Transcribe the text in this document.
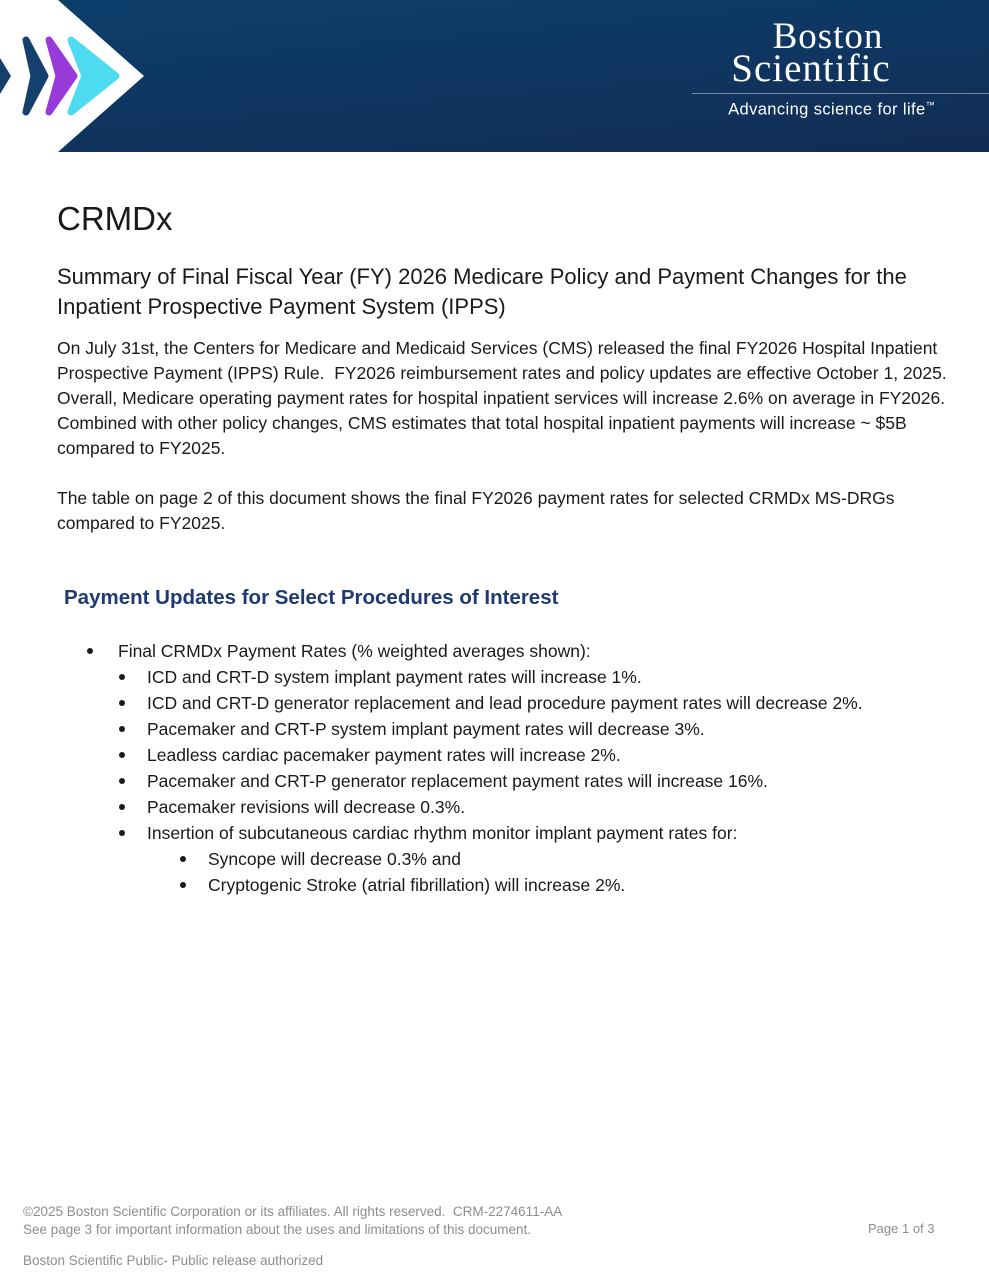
Boston
Scientific
Advancing science for life™
CRMDx
Summary of Final Fiscal Year (FY) 2026 Medicare Policy and Payment Changes for the Inpatient Prospective Payment System (IPPS)
On July 31st, the Centers for Medicare and Medicaid Services (CMS) released the final FY2026 Hospital Inpatient Prospective Payment (IPPS) Rule.  FY2026 reimbursement rates and policy updates are effective October 1, 2025. Overall, Medicare operating payment rates for hospital inpatient services will increase 2.6% on average in FY2026. Combined with other policy changes, CMS estimates that total hospital inpatient payments will increase ~ $5B compared to FY2025.
The table on page 2 of this document shows the final FY2026 payment rates for selected CRMDx MS-DRGs compared to FY2025.
Payment Updates for Select Procedures of Interest
Final CRMDx Payment Rates (% weighted averages shown):
ICD and CRT-D system implant payment rates will increase 1%.
ICD and CRT-D generator replacement and lead procedure payment rates will decrease 2%.
Pacemaker and CRT-P system implant payment rates will decrease 3%.
Leadless cardiac pacemaker payment rates will increase 2%.
Pacemaker and CRT-P generator replacement payment rates will increase 16%.
Pacemaker revisions will decrease 0.3%.
Insertion of subcutaneous cardiac rhythm monitor implant payment rates for:
Syncope will decrease 0.3% and
Cryptogenic Stroke (atrial fibrillation) will increase 2%.
©2025 Boston Scientific Corporation or its affiliates. All rights reserved.  CRM-2274611-AA
See page 3 for important information about the uses and limitations of this document.	Page 1 of 3
Boston Scientific Public- Public release authorized
